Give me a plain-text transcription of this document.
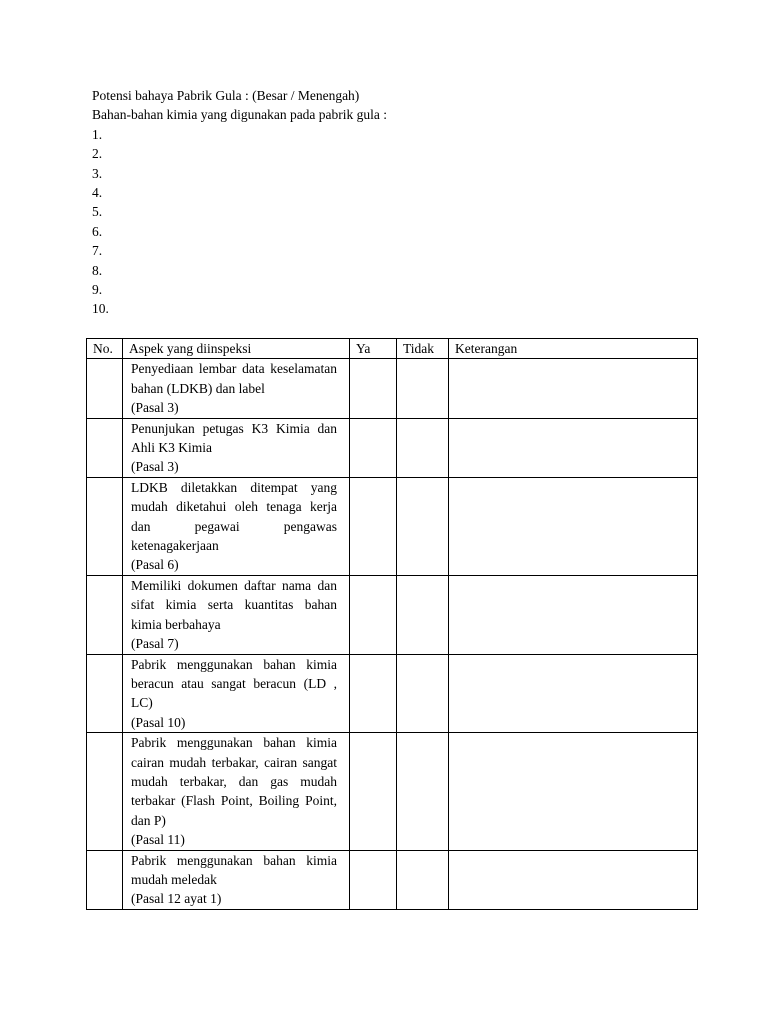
Potensi bahaya Pabrik Gula : (Besar / Menengah)
Bahan-bahan kimia yang digunakan pada pabrik gula :
1.
2.
3.
4.
5.
6.
7.
8.
9.
10.
No.	Aspek yang diinspeksi	Ya	Tidak	Keterangan

	Penyediaan lembar data keselamatan bahan (LDKB) dan label
(Pasal 3)			

	Penunjukan petugas K3 Kimia dan Ahli K3 Kimia
(Pasal 3)			

	LDKB diletakkan ditempat yang mudah diketahui oleh tenaga kerja dan pegawai pengawas ketenagakerjaan
(Pasal 6)			

	Memiliki dokumen daftar nama dan sifat kimia serta kuantitas bahan kimia berbahaya
(Pasal 7)			

	Pabrik menggunakan bahan kimia beracun atau sangat beracun (LD , LC)
(Pasal 10)			

	Pabrik menggunakan bahan kimia cairan mudah terbakar, cairan sangat mudah terbakar, dan gas mudah terbakar (Flash Point, Boiling Point, dan P)
(Pasal 11)			

	Pabrik menggunakan bahan kimia mudah meledak
(Pasal 12 ayat 1)			
